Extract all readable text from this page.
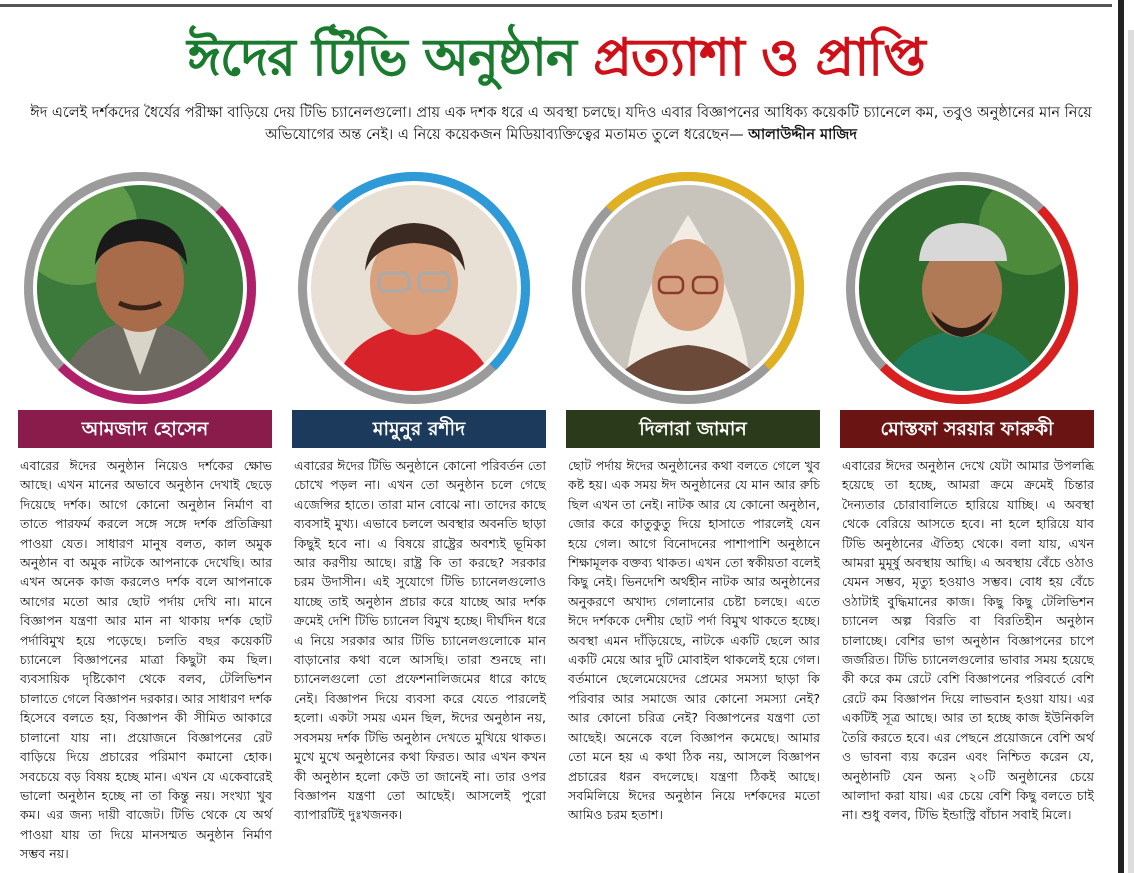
ঈদের টিভি অনুষ্ঠান প্রত্যাশা ও প্রাপ্তি
ঈদ এলেই দর্শকদের ধৈর্যের পরীক্ষা বাড়িয়ে দেয় টিভি চ্যানেলগুলো। প্রায় এক দশক ধরে এ অবস্থা চলছে। যদিও এবার বিজ্ঞাপনের আধিক্য কয়েকটি চ্যানেলে কম, তবুও অনুষ্ঠানের মান নিয়ে অভিযোগের অন্ত নেই। এ নিয়ে কয়েকজন মিডিয়াব্যক্তিত্বের মতামত তুলে ধরেছেন— আলাউদ্দীন মাজিদ
আমজাদ হোসেন
এবারের ঈদের অনুষ্ঠান নিয়েও দর্শকের ক্ষোভ আছে। এখন মানের অভাবে অনুষ্ঠান দেখাই ছেড়ে দিয়েছে দর্শক। আগে কোনো অনুষ্ঠান নির্মাণ বা তাতে পারফর্ম করলে সঙ্গে সঙ্গে দর্শক প্রতিক্রিয়া পাওয়া যেত। সাধারণ মানুষ বলত, কাল অমুক অনুষ্ঠান বা অমুক নাটকে আপনাকে দেখেছি। আর এখন অনেক কাজ করলেও দর্শক বলে আপনাকে আগের মতো আর ছোট পর্দায় দেখি না। মানে বিজ্ঞাপন যন্ত্রণা আর মান না থাকায় দর্শক ছোট পর্দাবিমুখ হয়ে পড়েছে। চলতি বছর কয়েকটি চ্যানেলে বিজ্ঞাপনের মাত্রা কিছুটা কম ছিল। ব্যবসায়িক দৃষ্টিকোণ থেকে বলব, টেলিভিশন চালাতে গেলে বিজ্ঞাপন দরকার। আর সাধারণ দর্শক হিসেবে বলতে হয়, বিজ্ঞাপন কী সীমিত আকারে চালানো যায় না। প্রয়োজনে বিজ্ঞাপনের রেট বাড়িয়ে দিয়ে প্রচারের পরিমাণ কমানো হোক। সবচেয়ে বড় বিষয় হচ্ছে মান। এখন যে একেবারেই ভালো অনুষ্ঠান হচ্ছে না তা কিন্তু নয়। সংখ্যা খুব কম। এর জন্য দায়ী বাজেট। টিভি থেকে যে অর্থ পাওয়া যায় তা দিয়ে মানসম্মত অনুষ্ঠান নির্মাণ সম্ভব নয়।
মামুনুর রশীদ
এবারের ঈদের টিভি অনুষ্ঠানে কোনো পরিবর্তন তো চোখে পড়ল না। এখন তো অনুষ্ঠান চলে গেছে এজেন্সির হাতে। তারা মান বোঝে না। তাদের কাছে ব্যবসাই মুখ্য। এভাবে চললে অবস্থার অবনতি ছাড়া কিছুই হবে না। এ বিষয়ে রাষ্ট্রের অবশ্যই ভূমিকা আর করণীয় আছে। রাষ্ট্র কি তা করছে? সরকার চরম উদাসীন। এই সুযোগে টিভি চ্যানেলগুলোও যাচ্ছে তাই অনুষ্ঠান প্রচার করে যাচ্ছে আর দর্শক ক্রমেই দেশি টিভি চ্যানেল বিমুখ হচ্ছে। দীর্ঘদিন ধরে এ নিয়ে সরকার আর টিভি চ্যানেলগুলোকে মান বাড়ানোর কথা বলে আসছি। তারা শুনছে না। চ্যানেলগুলো তো প্রফেশনালিজমের ধারে কাছে নেই। বিজ্ঞাপন দিয়ে ব্যবসা করে যেতে পারলেই হলো। একটা সময় এমন ছিল, ঈদের অনুষ্ঠান নয়, সবসময় দর্শক টিভি অনুষ্ঠান দেখতে মুখিয়ে থাকত। মুখে মুখে অনুষ্ঠানের কথা ফিরত। আর এখন কখন কী অনুষ্ঠান হলো কেউ তা জানেই না। তার ওপর বিজ্ঞাপন যন্ত্রণা তো আছেই। আসলেই পুরো ব্যাপারটিই দুঃখজনক।
দিলারা জামান
ছোট পর্দায় ঈদের অনুষ্ঠানের কথা বলতে গেলে খুব কষ্ট হয়। এক সময় ঈদ অনুষ্ঠানের যে মান আর রুচি ছিল এখন তা নেই। নাটক আর যে কোনো অনুষ্ঠান, জোর করে কাতুকুতু দিয়ে হাসাতে পারলেই যেন হয়ে গেল। আগে বিনোদনের পাশাপাশি অনুষ্ঠানে শিক্ষামূলক বক্তব্য থাকত। এখন তো স্বকীয়তা বলেই কিছু নেই। ভিনদেশি অর্থহীন নাটক আর অনুষ্ঠানের অনুকরণে অখাদ্য গেলানোর চেষ্টা চলছে। এতে ঈদে দর্শককে দেশীয় ছোট পর্দা বিমুখ থাকতে হচ্ছে। অবস্থা এমন দাঁড়িয়েছে, নাটকে একটি ছেলে আর একটি মেয়ে আর দুটি মোবাইল থাকলেই হয়ে গেল। বর্তমানে ছেলেমেয়েদের প্রেমের সমস্যা ছাড়া কি পরিবার আর সমাজে আর কোনো সমস্যা নেই? আর কোনো চরিত্র নেই? বিজ্ঞাপনের যন্ত্রণা তো আছেই। অনেকে বলে বিজ্ঞাপন কমেছে। আমার তো মনে হয় এ কথা ঠিক নয়, আসলে বিজ্ঞাপন প্রচারের ধরন বদলেছে। যন্ত্রণা ঠিকই আছে। সবমিলিয়ে ঈদের অনুষ্ঠান নিয়ে দর্শকদের মতো আমিও চরম হতাশ।
মোস্তফা সরয়ার ফারুকী
এবারের ঈদের অনুষ্ঠান দেখে যেটা আমার উপলব্ধি হয়েছে তা হচ্ছে, আমরা ক্রমে ক্রমেই চিন্তার দৈন্যতার চোরাবালিতে হারিয়ে যাচ্ছি। এ অবস্থা থেকে বেরিয়ে আসতে হবে। না হলে হারিয়ে যাব টিভি অনুষ্ঠানের ঐতিহ্য থেকে। বলা যায়, এখন আমরা মুমূর্ষু অবস্থায় আছি। এ অবস্থায় বেঁচে ওঠাও যেমন সম্ভব, মৃত্যু হওয়াও সম্ভব। বোধ হয় বেঁচে ওঠাটাই বুদ্ধিমানের কাজ। কিছু কিছু টেলিভিশন চ্যানেল অল্প বিরতি বা বিরতিহীন অনুষ্ঠান চালাচ্ছে। বেশির ভাগ অনুষ্ঠান বিজ্ঞাপনের চাপে জর্জরিত। টিভি চ্যানেলগুলোর ভাবার সময় হয়েছে কী করে কম রেটে বেশি বিজ্ঞাপনের পরিবর্তে বেশি রেটে কম বিজ্ঞাপন দিয়ে লাভবান হওয়া যায়। এর একটিই সূত্র আছে। আর তা হচ্ছে কাজ ইউনিকলি তৈরি করতে হবে। এর পেছনে প্রয়োজনে বেশি অর্থ ও ভাবনা ব্যয় করেন এবং নিশ্চিত করেন যে, অনুষ্ঠানটি যেন অন্য ২০টি অনুষ্ঠানের চেয়ে আলাদা করা যায়। এর চেয়ে বেশি কিছু বলতে চাই না। শুধু বলব, টিভি ইন্ডাস্ট্রি বাঁচান সবাই মিলে।
